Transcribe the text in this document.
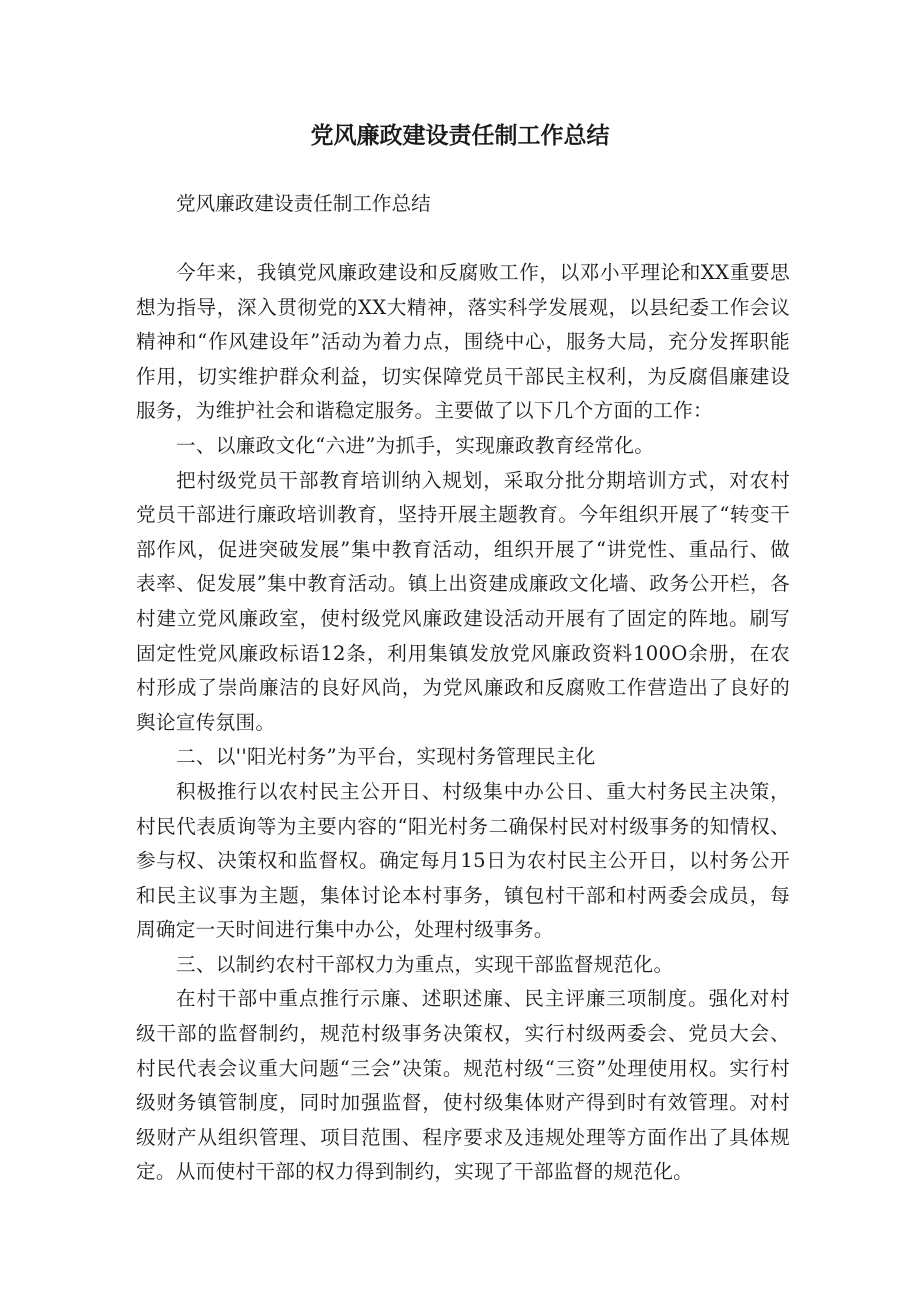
党风廉政建设责任制工作总结
党风廉政建设责任制工作总结

今年来，我镇党风廉政建设和反腐败工作，以邓小平理论和XX重要思想为指导，深入贯彻党的XX大精神，落实科学发展观，以县纪委工作会议精神和“作风建设年”活动为着力点，围绕中心，服务大局，充分发挥职能作用，切实维护群众利益，切实保障党员干部民主权利，为反腐倡廉建设服务，为维护社会和谐稳定服务。主要做了以下几个方面的工作：

一、以廉政文化“六进”为抓手，实现廉政教育经常化。

把村级党员干部教育培训纳入规划，采取分批分期培训方式，对农村党员干部进行廉政培训教育，坚持开展主题教育。今年组织开展了“转变干部作风，促进突破发展”集中教育活动，组织开展了“讲党性、重品行、做表率、促发展”集中教育活动。镇上出资建成廉政文化墙、政务公开栏，各村建立党风廉政室，使村级党风廉政建设活动开展有了固定的阵地。刷写固定性党风廉政标语12条，利用集镇发放党风廉政资料100O余册，在农村形成了崇尚廉洁的良好风尚，为党风廉政和反腐败工作营造出了良好的舆论宣传氛围。

二、以''阳光村务”为平台，实现村务管理民主化

积极推行以农村民主公开日、村级集中办公日、重大村务民主决策，村民代表质询等为主要内容的“阳光村务二确保村民对村级事务的知情权、参与权、决策权和监督权。确定每月15日为农村民主公开日，以村务公开和民主议事为主题，集体讨论本村事务，镇包村干部和村两委会成员，每周确定一天时间进行集中办公，处理村级事务。

三、以制约农村干部权力为重点，实现干部监督规范化。

在村干部中重点推行示廉、述职述廉、民主评廉三项制度。强化对村级干部的监督制约，规范村级事务决策权，实行村级两委会、党员大会、村民代表会议重大问题“三会”决策。规范村级“三资”处理使用权。实行村级财务镇管制度，同时加强监督，使村级集体财产得到时有效管理。对村级财产从组织管理、项目范围、程序要求及违规处理等方面作出了具体规定。从而使村干部的权力得到制约，实现了干部监督的规范化。
